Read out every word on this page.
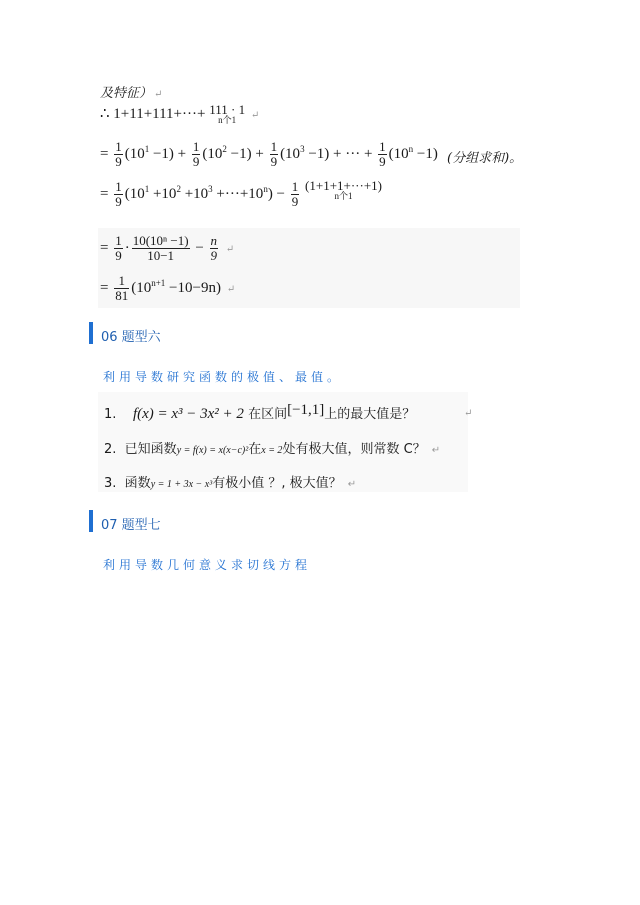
及特征） ↵
∴ 1+11+111+···+ 111 · 1
n个1	↵
= $\frac{1}{9} (10^1 -1) + \frac{1}{9} (10^2 -1) + \frac{1}{9} (10^3 -1)$ + ··· + $\frac{1}{9} (10^n -1)$ (分组求和)。
= $\frac{1}{9} (10^1 +10^2 +10^3 +\cdot\cdot\cdot+10^n) - \frac{1}{9}$
(1+1+1+···+1)
n个1
= $\frac{1}{9} \cdot \frac{\text{10(10ⁿ −1)}}{10-1} - \frac{n}{9}$ ↵
= $\frac{1}{81} (10^{n+1} -10-9n)$ ↵
06 题型六
利用导数研究函数的极值、最值。
1. f(x) = x³ − 3x² + 2 在区间[−1,1]上的最大值是？	↵
2. 已知函数y = f(x) = x(x−c)²在x = 2处有极大值，则常数 C？ ↵
3. 函数y = 1 + 3x − x³有极小值 ？, 极大值？ ↵
07 题型七
利用导数几何意义求切线方程
